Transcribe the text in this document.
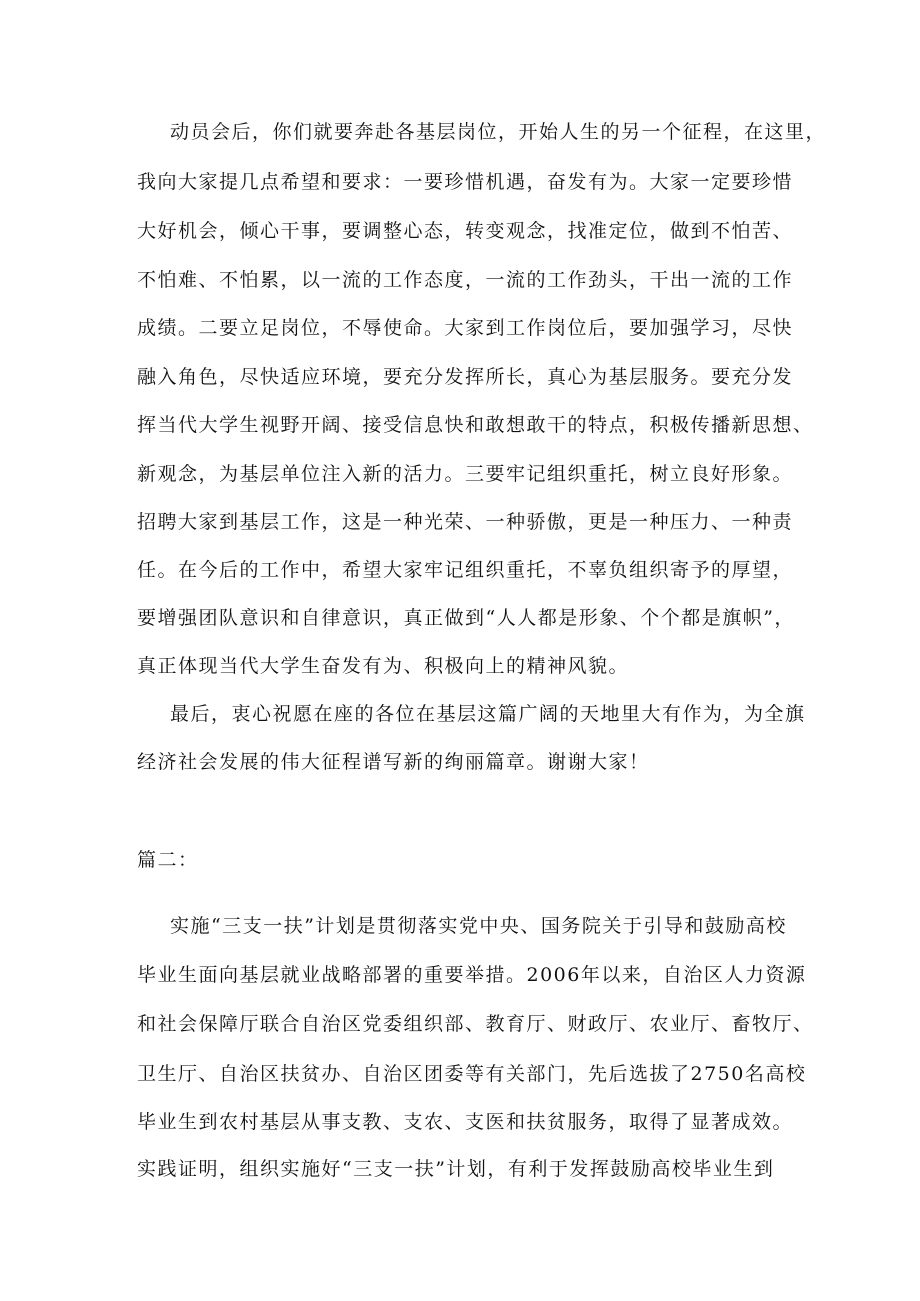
动员会后，你们就要奔赴各基层岗位，开始人生的另一个征程，在这里，
我向大家提几点希望和要求：一要珍惜机遇，奋发有为。大家一定要珍惜
大好机会，倾心干事，要调整心态，转变观念，找准定位，做到不怕苦、
不怕难、不怕累，以一流的工作态度，一流的工作劲头，干出一流的工作
成绩。二要立足岗位，不辱使命。大家到工作岗位后，要加强学习，尽快
融入角色，尽快适应环境，要充分发挥所长，真心为基层服务。要充分发
挥当代大学生视野开阔、接受信息快和敢想敢干的特点，积极传播新思想、
新观念，为基层单位注入新的活力。三要牢记组织重托，树立良好形象。
招聘大家到基层工作，这是一种光荣、一种骄傲，更是一种压力、一种责
任。在今后的工作中，希望大家牢记组织重托，不辜负组织寄予的厚望，
要增强团队意识和自律意识，真正做到“人人都是形象、个个都是旗帜”，
真正体现当代大学生奋发有为、积极向上的精神风貌。
最后，衷心祝愿在座的各位在基层这篇广阔的天地里大有作为，为全旗
经济社会发展的伟大征程谱写新的绚丽篇章。谢谢大家！
篇二：
实施“三支一扶”计划是贯彻落实党中央、国务院关于引导和鼓励高校
毕业生面向基层就业战略部署的重要举措。2006年以来，自治区人力资源
和社会保障厅联合自治区党委组织部、教育厅、财政厅、农业厅、畜牧厅、
卫生厅、自治区扶贫办、自治区团委等有关部门，先后选拔了2750名高校
毕业生到农村基层从事支教、支农、支医和扶贫服务，取得了显著成效。
实践证明，组织实施好“三支一扶”计划，有利于发挥鼓励高校毕业生到
